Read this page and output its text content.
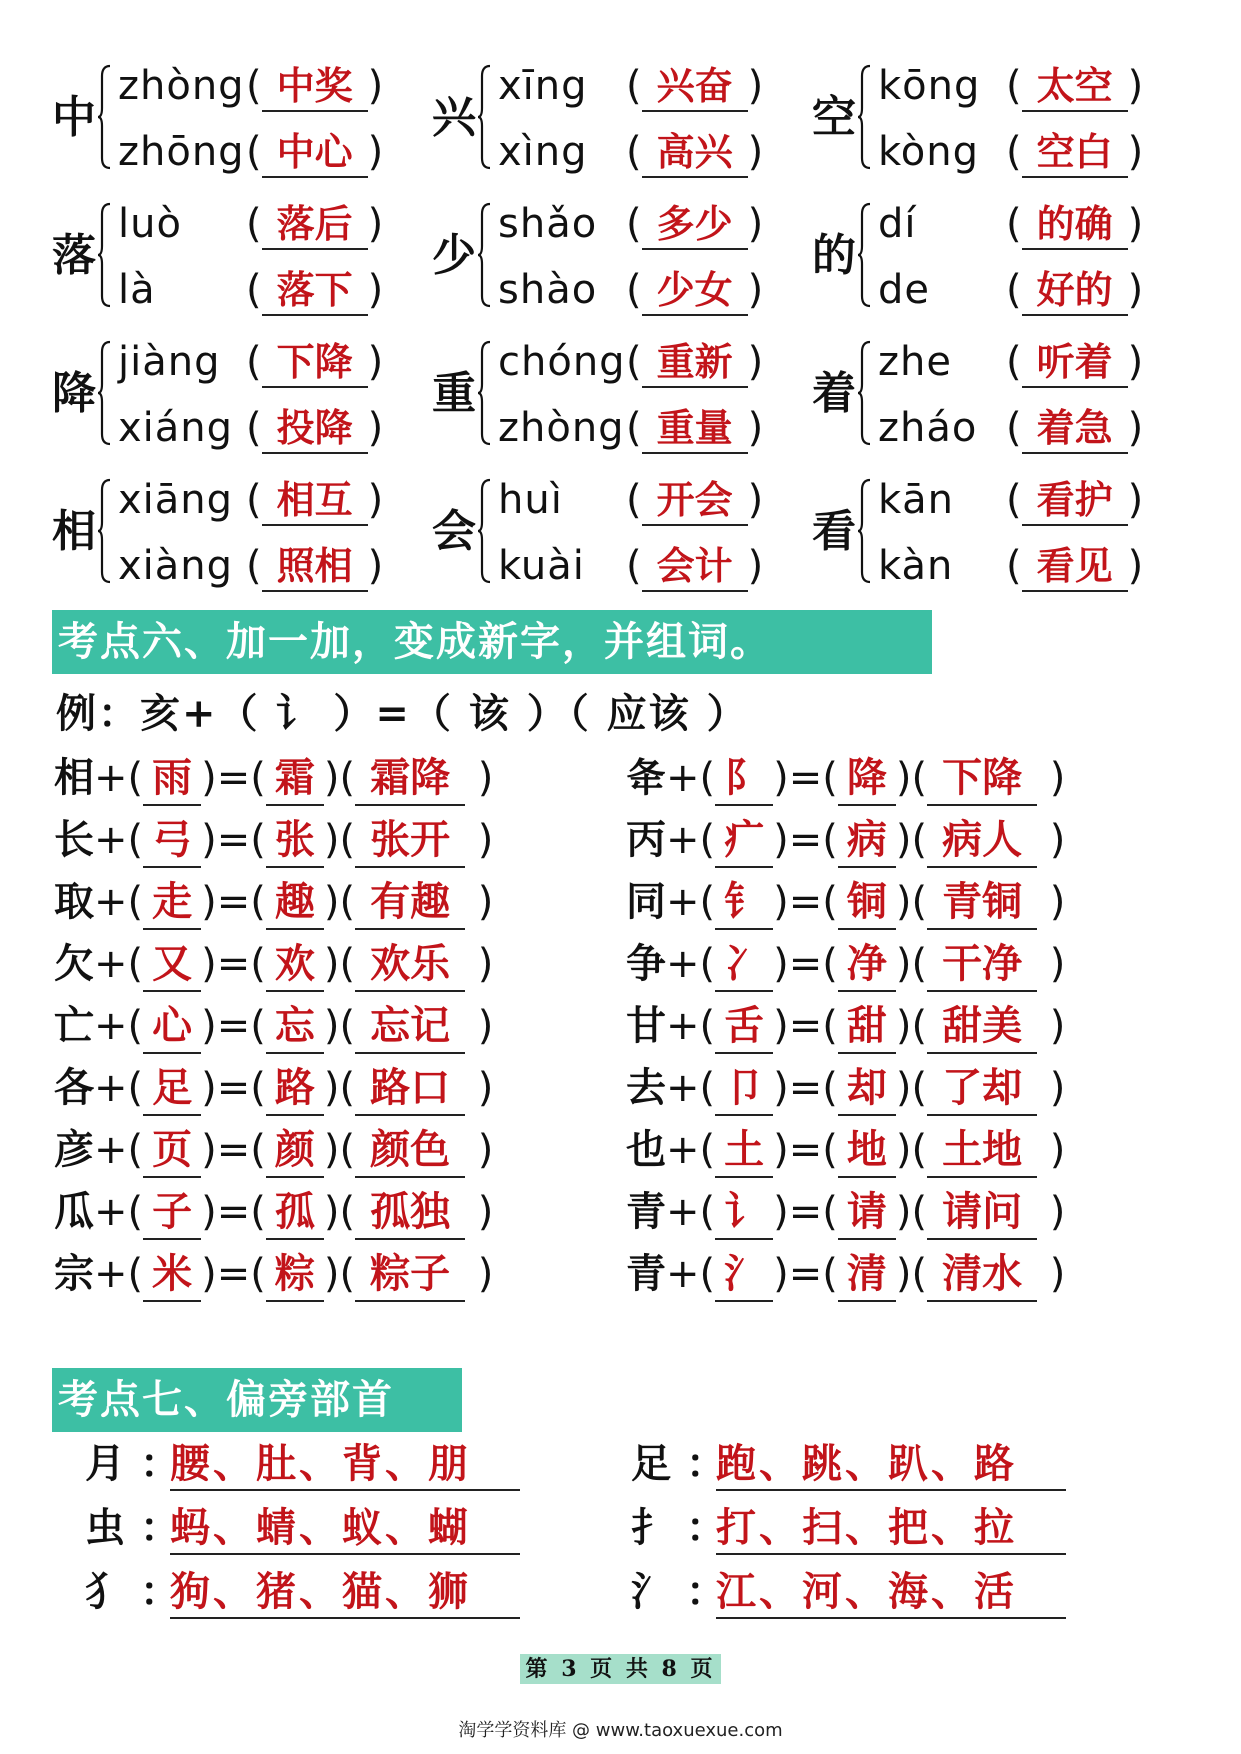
中
zhòng ( 中奖 )
zhōng ( 中心 )
兴
xīng ( 兴奋 )
xìng ( 高兴 )
空
kōng ( 太空 )
kòng ( 空白 )
落
luò ( 落后 )
là ( 落下 )
少
shǎo ( 多少 )
shào ( 少女 )
的
dí ( 的确 )
de ( 好的 )
降
jiàng ( 下降 )
xiáng ( 投降 )
重
chóng ( 重新 )
zhòng ( 重量 )
着
zhe ( 听着 )
zháo ( 着急 )
相
xiāng ( 相互 )
xiàng ( 照相 )
会
huì ( 开会 )
kuài ( 会计 )
看
kān ( 看护 )
kàn ( 看见 )
考点六、加一加，变成新字，并组词。
例：亥+（ 讠 ）=（ 该 ）（ 应该 ）
相+( 雨 )=( 霜 )( 霜降 )
长+( 弓 )=( 张 )( 张开 )
取+( 走 )=( 趣 )( 有趣 )
欠+( 又 )=( 欢 )( 欢乐 )
亡+( 心 )=( 忘 )( 忘记 )
各+( 足 )=( 路 )( 路口 )
彦+( 页 )=( 颜 )( 颜色 )
瓜+( 子 )=( 孤 )( 孤独 )
宗+( 米 )=( 粽 )( 粽子 )
夅+( 阝 )=( 降 )( 下降 )
丙+( 疒 )=( 病 )( 病人 )
同+( 钅 )=( 铜 )( 青铜 )
争+( 冫 )=( 净 )( 干净 )
甘+( 舌 )=( 甜 )( 甜美 )
去+( 卩 )=( 却 )( 了却 )
也+( 土 )=( 地 )( 土地 )
青+( 讠 )=( 请 )( 请问 )
青+( 氵 )=( 清 )( 清水 )
考点七、偏旁部首
月 ：腰、肚、背、朋
虫 ：蚂、蜻、蚁、蝴
犭 ：狗、猪、猫、狮
足 ：跑、跳、趴、路
扌 ：打、扫、把、拉
氵 ：江、河、海、活
第 3 页 共 8 页
淘学学资料库 @ www.taoxuexue.com
